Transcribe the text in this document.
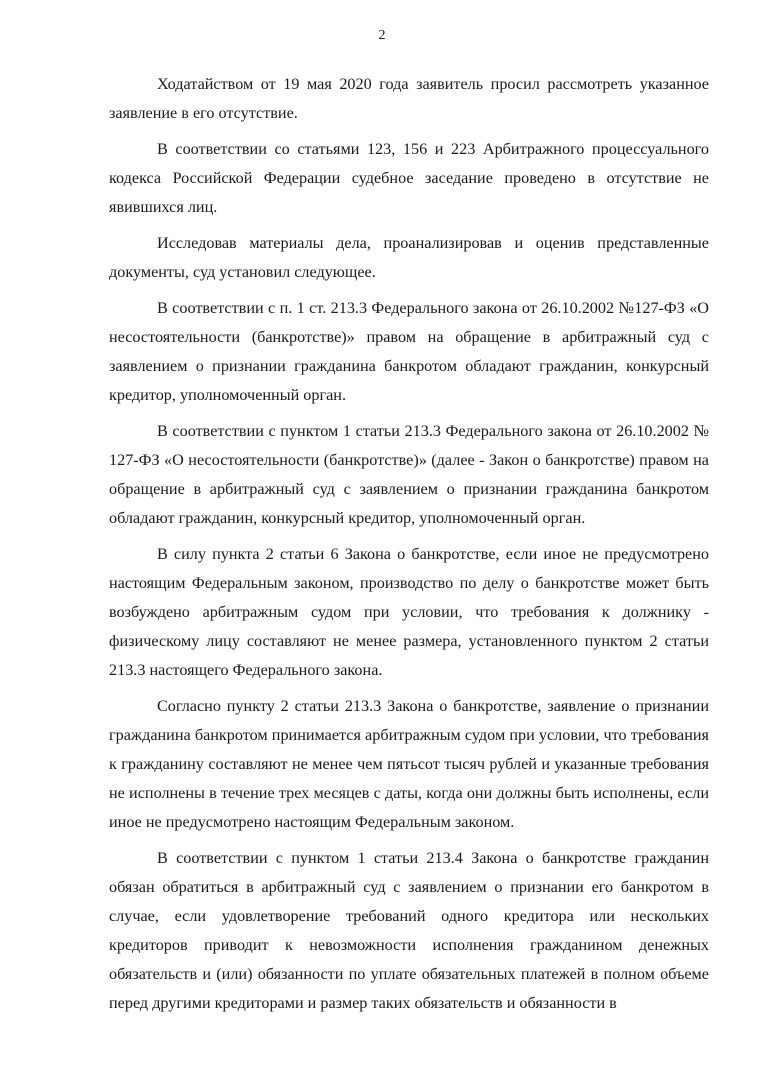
2

Ходатайством от 19 мая 2020 года заявитель просил рассмотреть указанное заявление в его отсутствие.

В соответствии со статьями 123, 156 и 223 Арбитражного процессуального кодекса Российской Федерации судебное заседание проведено в отсутствие не явившихся лиц.

Исследовав материалы дела, проанализировав и оценив представленные документы, суд установил следующее.

В соответствии с п. 1 ст. 213.3 Федерального закона от 26.10.2002 №127-ФЗ «О несостоятельности (банкротстве)» правом на обращение в арбитражный суд с заявлением о признании гражданина банкротом обладают гражданин, конкурсный кредитор, уполномоченный орган.

В соответствии с пунктом 1 статьи 213.3 Федерального закона от 26.10.2002 № 127-ФЗ «О несостоятельности (банкротстве)» (далее - Закон о банкротстве) правом на обращение в арбитражный суд с заявлением о признании гражданина банкротом обладают гражданин, конкурсный кредитор, уполномоченный орган.

В силу пункта 2 статьи 6 Закона о банкротстве, если иное не предусмотрено настоящим Федеральным законом, производство по делу о банкротстве может быть возбуждено арбитражным судом при условии, что требования к должнику - физическому лицу составляют не менее размера, установленного пунктом 2 статьи 213.3 настоящего Федерального закона.

Согласно пункту 2 статьи 213.3 Закона о банкротстве, заявление о признании гражданина банкротом принимается арбитражным судом при условии, что требования к гражданину составляют не менее чем пятьсот тысяч рублей и указанные требования не исполнены в течение трех месяцев с даты, когда они должны быть исполнены, если иное не предусмотрено настоящим Федеральным законом.

В соответствии с пунктом 1 статьи 213.4 Закона о банкротстве гражданин обязан обратиться в арбитражный суд с заявлением о признании его банкротом в случае, если удовлетворение требований одного кредитора или нескольких кредиторов приводит к невозможности исполнения гражданином денежных обязательств и (или) обязанности по уплате обязательных платежей в полном объеме перед другими кредиторами и размер таких обязательств и обязанности в
